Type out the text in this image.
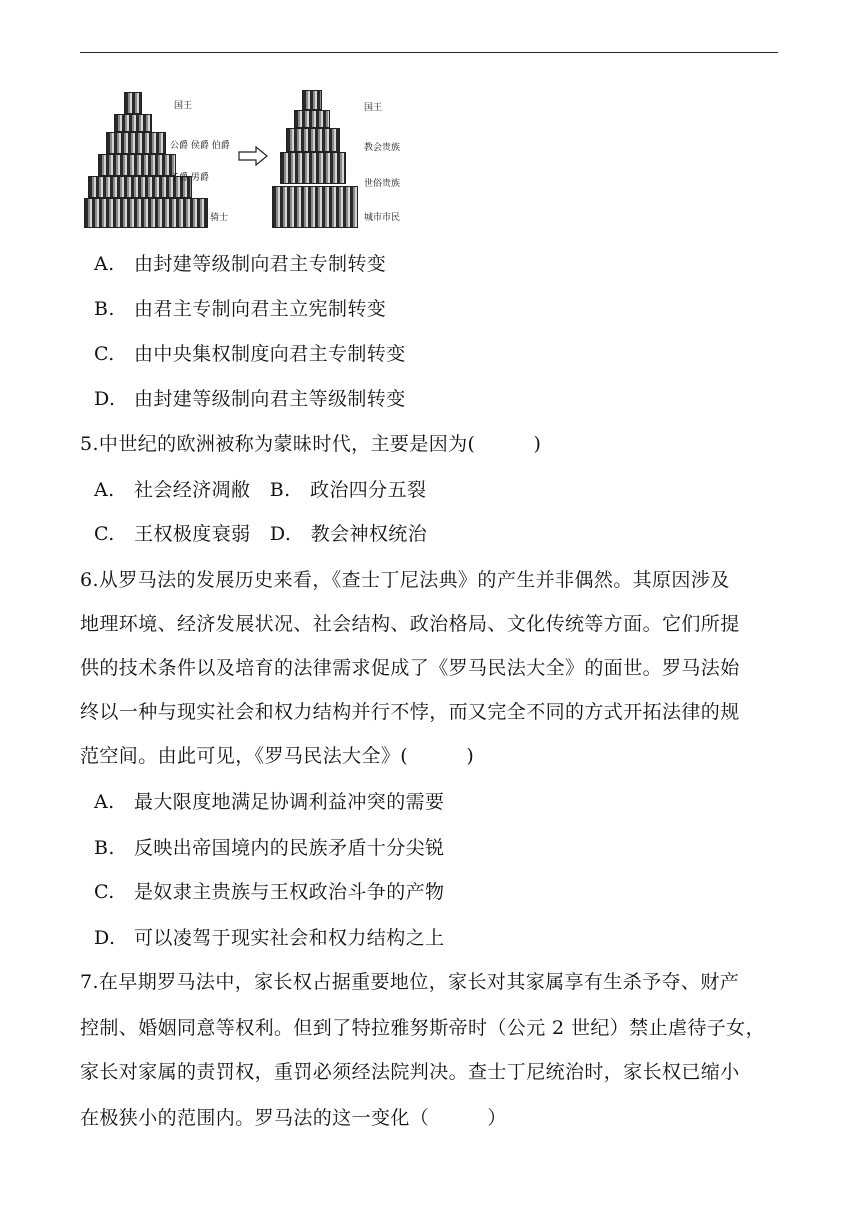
国王
公爵 侯爵 伯爵
子爵 男爵
骑士
国王
教会贵族
世俗贵族
城市市民
A. 由封建等级制向君主专制转变
B. 由君主专制向君主立宪制转变
C. 由中央集权制度向君主专制转变
D. 由封建等级制向君主等级制转变
5.中世纪的欧洲被称为蒙昧时代，主要是因为(　　　)
A.　社会经济凋敝　B.　政治四分五裂
C.　王权极度衰弱　D.　教会神权统治
6.从罗马法的发展历史来看，《查士丁尼法典》的产生并非偶然。其原因涉及
地理环境、经济发展状况、社会结构、政治格局、文化传统等方面。它们所提
供的技术条件以及培育的法律需求促成了《罗马民法大全》的面世。罗马法始
终以一种与现实社会和权力结构并行不悖，而又完全不同的方式开拓法律的规
范空间。由此可见，《罗马民法大全》(　　　)
A. 最大限度地满足协调利益冲突的需要
B. 反映出帝国境内的民族矛盾十分尖锐
C. 是奴隶主贵族与王权政治斗争的产物
D. 可以凌驾于现实社会和权力结构之上
7.在早期罗马法中，家长权占据重要地位，家长对其家属享有生杀予夺、财产
控制、婚姻同意等权利。但到了特拉雅努斯帝时（公元 2 世纪）禁止虐待子女，
家长对家属的责罚权，重罚必须经法院判决。查士丁尼统治时，家长权已缩小
在极狭小的范围内。罗马法的这一变化（　　　）
